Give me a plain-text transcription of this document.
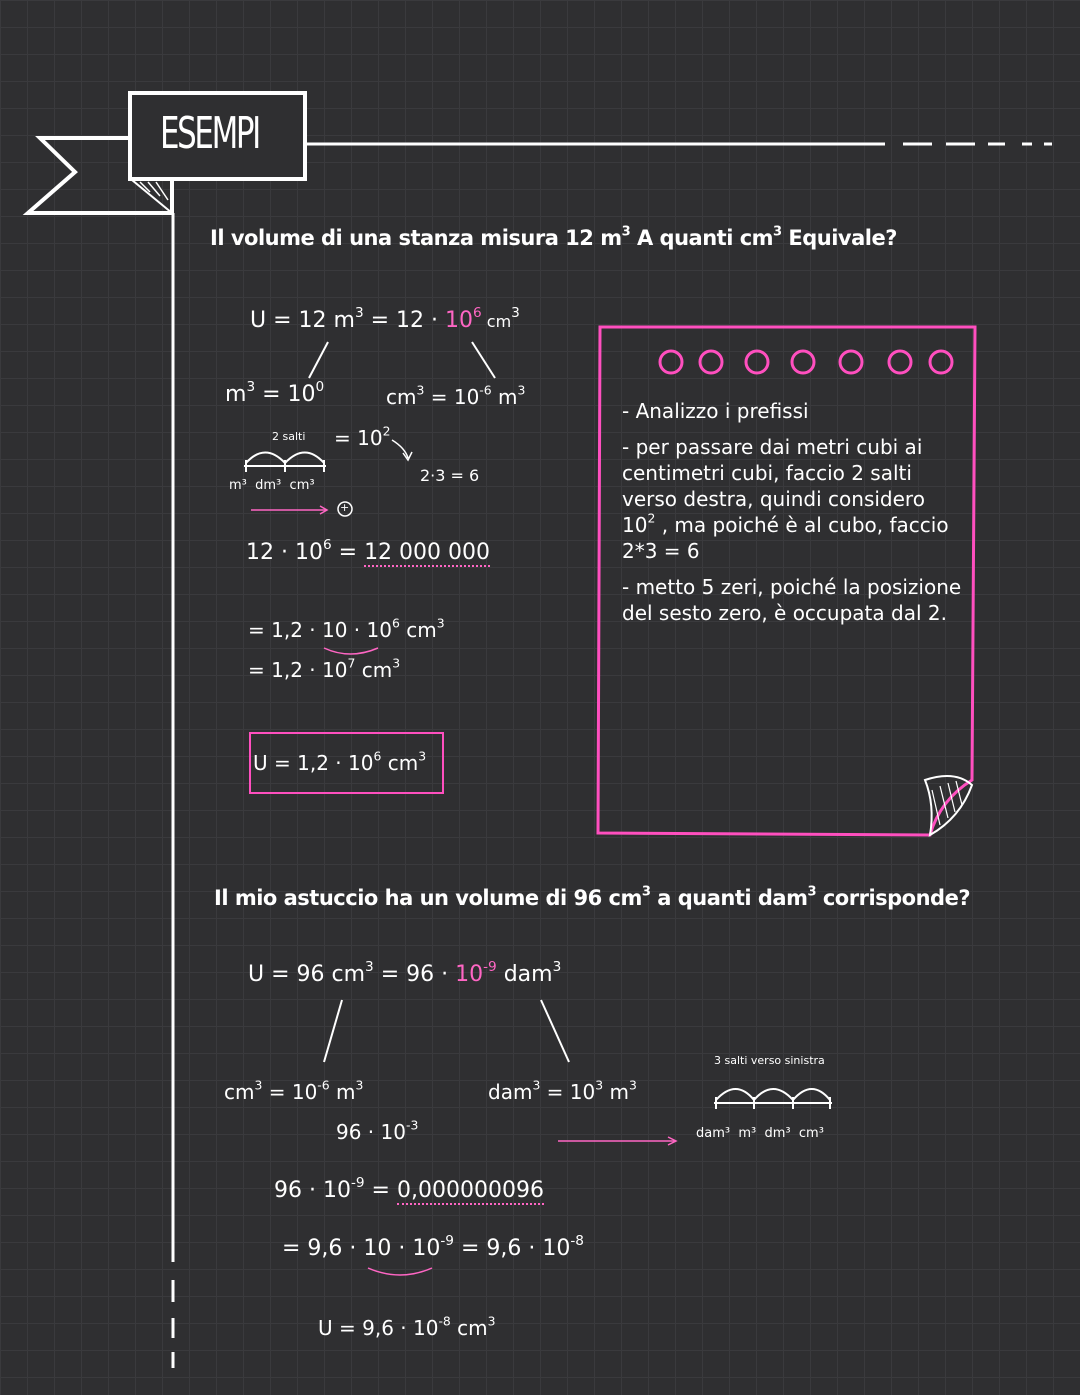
ESEMPI
Il volume di una stanza misura 12 $m^3$ A quanti $cm^3$ Equivale?
U = 12 $m^3 = 12 \cdot 10^6$ $cm^3$
$m^3 = 10^0$	$cm^3 = 10^{-6}$ $m^3$
2 salti = $10^2$
2·3 = 6
m³ dm³ cm³
+
$12 \cdot 10^6 = 12$ 000 000
= $1,2 \cdot 10 \cdot 10^6$ $cm^3$
= $1,2 \cdot 10^7$ $cm^3$
$U = 1,2 \cdot 10^6$ $cm^3$

- Analizzo i prefissi

- per passare dai metri cubi ai centimetri cubi, faccio 2 salti verso destra, quindi considero $10^2$ , ma poiché è al cubo, faccio 2*3 = 6

- metto 5 zeri, poiché la posizione del sesto zero, è occupata dal 2.

Il mio astuccio ha un volume di 96 $cm^3$ a quanti dam$^3$ corrisponde?
U = 96 $cm^3 = 96 \cdot 10^{-9}$ dam$^3$
$cm^3 = 10^{-6}$ $m^3$
$96 \cdot 10^{-3}$
$dam^3 = 10^3$ $m^3$
3 salti verso sinistra
dam³ m³ dm³ cm³
$96 \cdot 10^{-9} = 0,000000096$
= $9,6 \cdot 10 \cdot 10^{-9} = 9,6 \cdot 10^{-8}$
$U = 9,6 \cdot 10^{-8}$ $cm^3$
